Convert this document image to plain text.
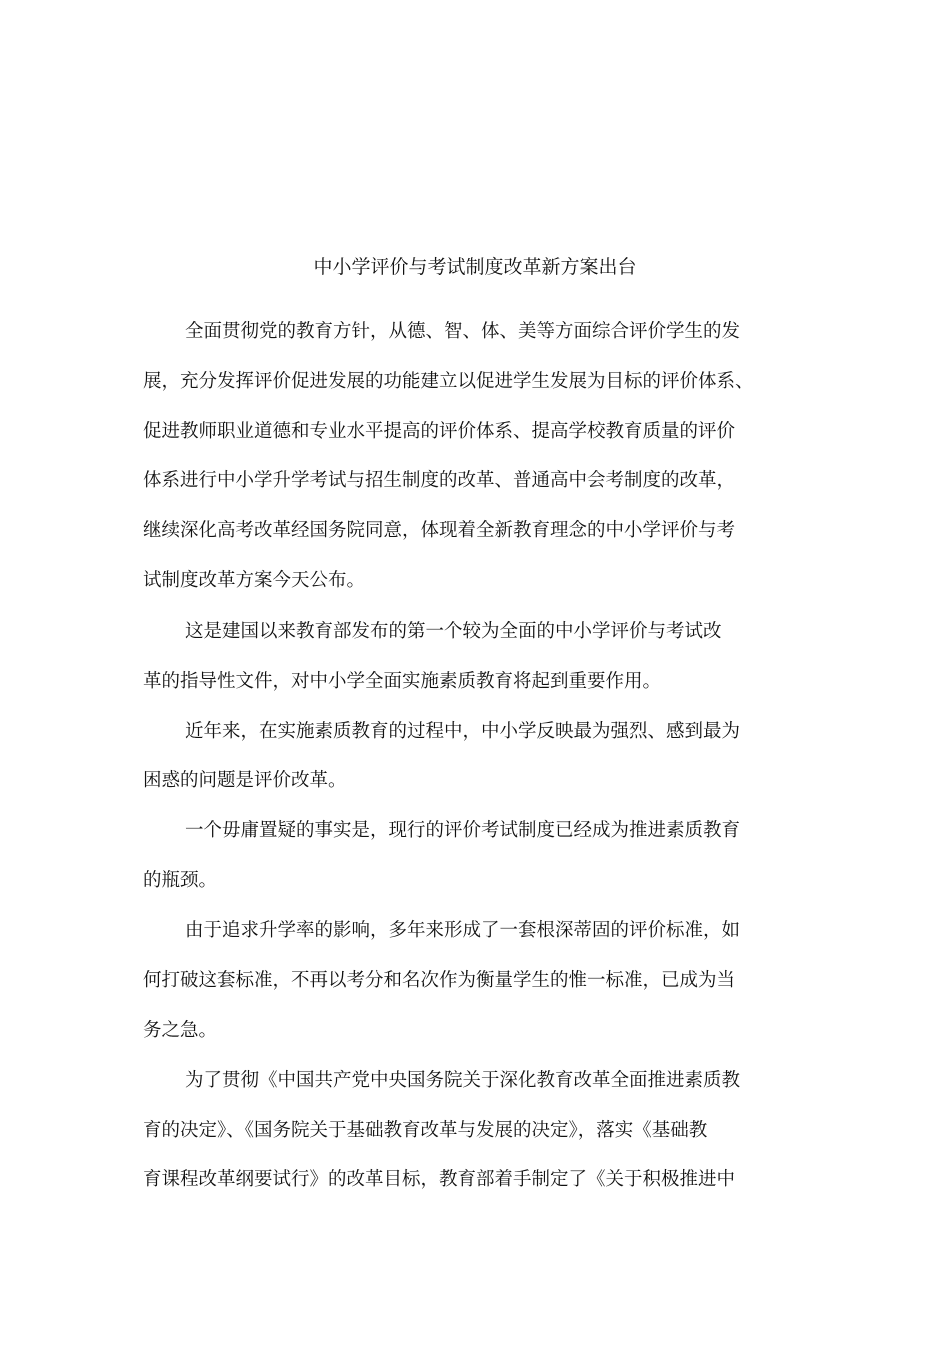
中小学评价与考试制度改革新方案出台
全面贯彻党的教育方针，从德、智、体、美等方面综合评价学生的发
展，充分发挥评价促进发展的功能建立以促进学生发展为目标的评价体系、
促进教师职业道德和专业水平提高的评价体系、提高学校教育质量的评价
体系进行中小学升学考试与招生制度的改革、普通高中会考制度的改革，
继续深化高考改革经国务院同意，体现着全新教育理念的中小学评价与考
试制度改革方案今天公布。
这是建国以来教育部发布的第一个较为全面的中小学评价与考试改
革的指导性文件，对中小学全面实施素质教育将起到重要作用。
近年来，在实施素质教育的过程中，中小学反映最为强烈、感到最为
困惑的问题是评价改革。
一个毋庸置疑的事实是，现行的评价考试制度已经成为推进素质教育
的瓶颈。
由于追求升学率的影响，多年来形成了一套根深蒂固的评价标准，如
何打破这套标准，不再以考分和名次作为衡量学生的惟一标准，已成为当
务之急。
为了贯彻《中国共产党中央国务院关于深化教育改革全面推进素质教
育的决定》、《国务院关于基础教育改革与发展的决定》，落实《基础教
育课程改革纲要试行》的改革目标，教育部着手制定了《关于积极推进中
